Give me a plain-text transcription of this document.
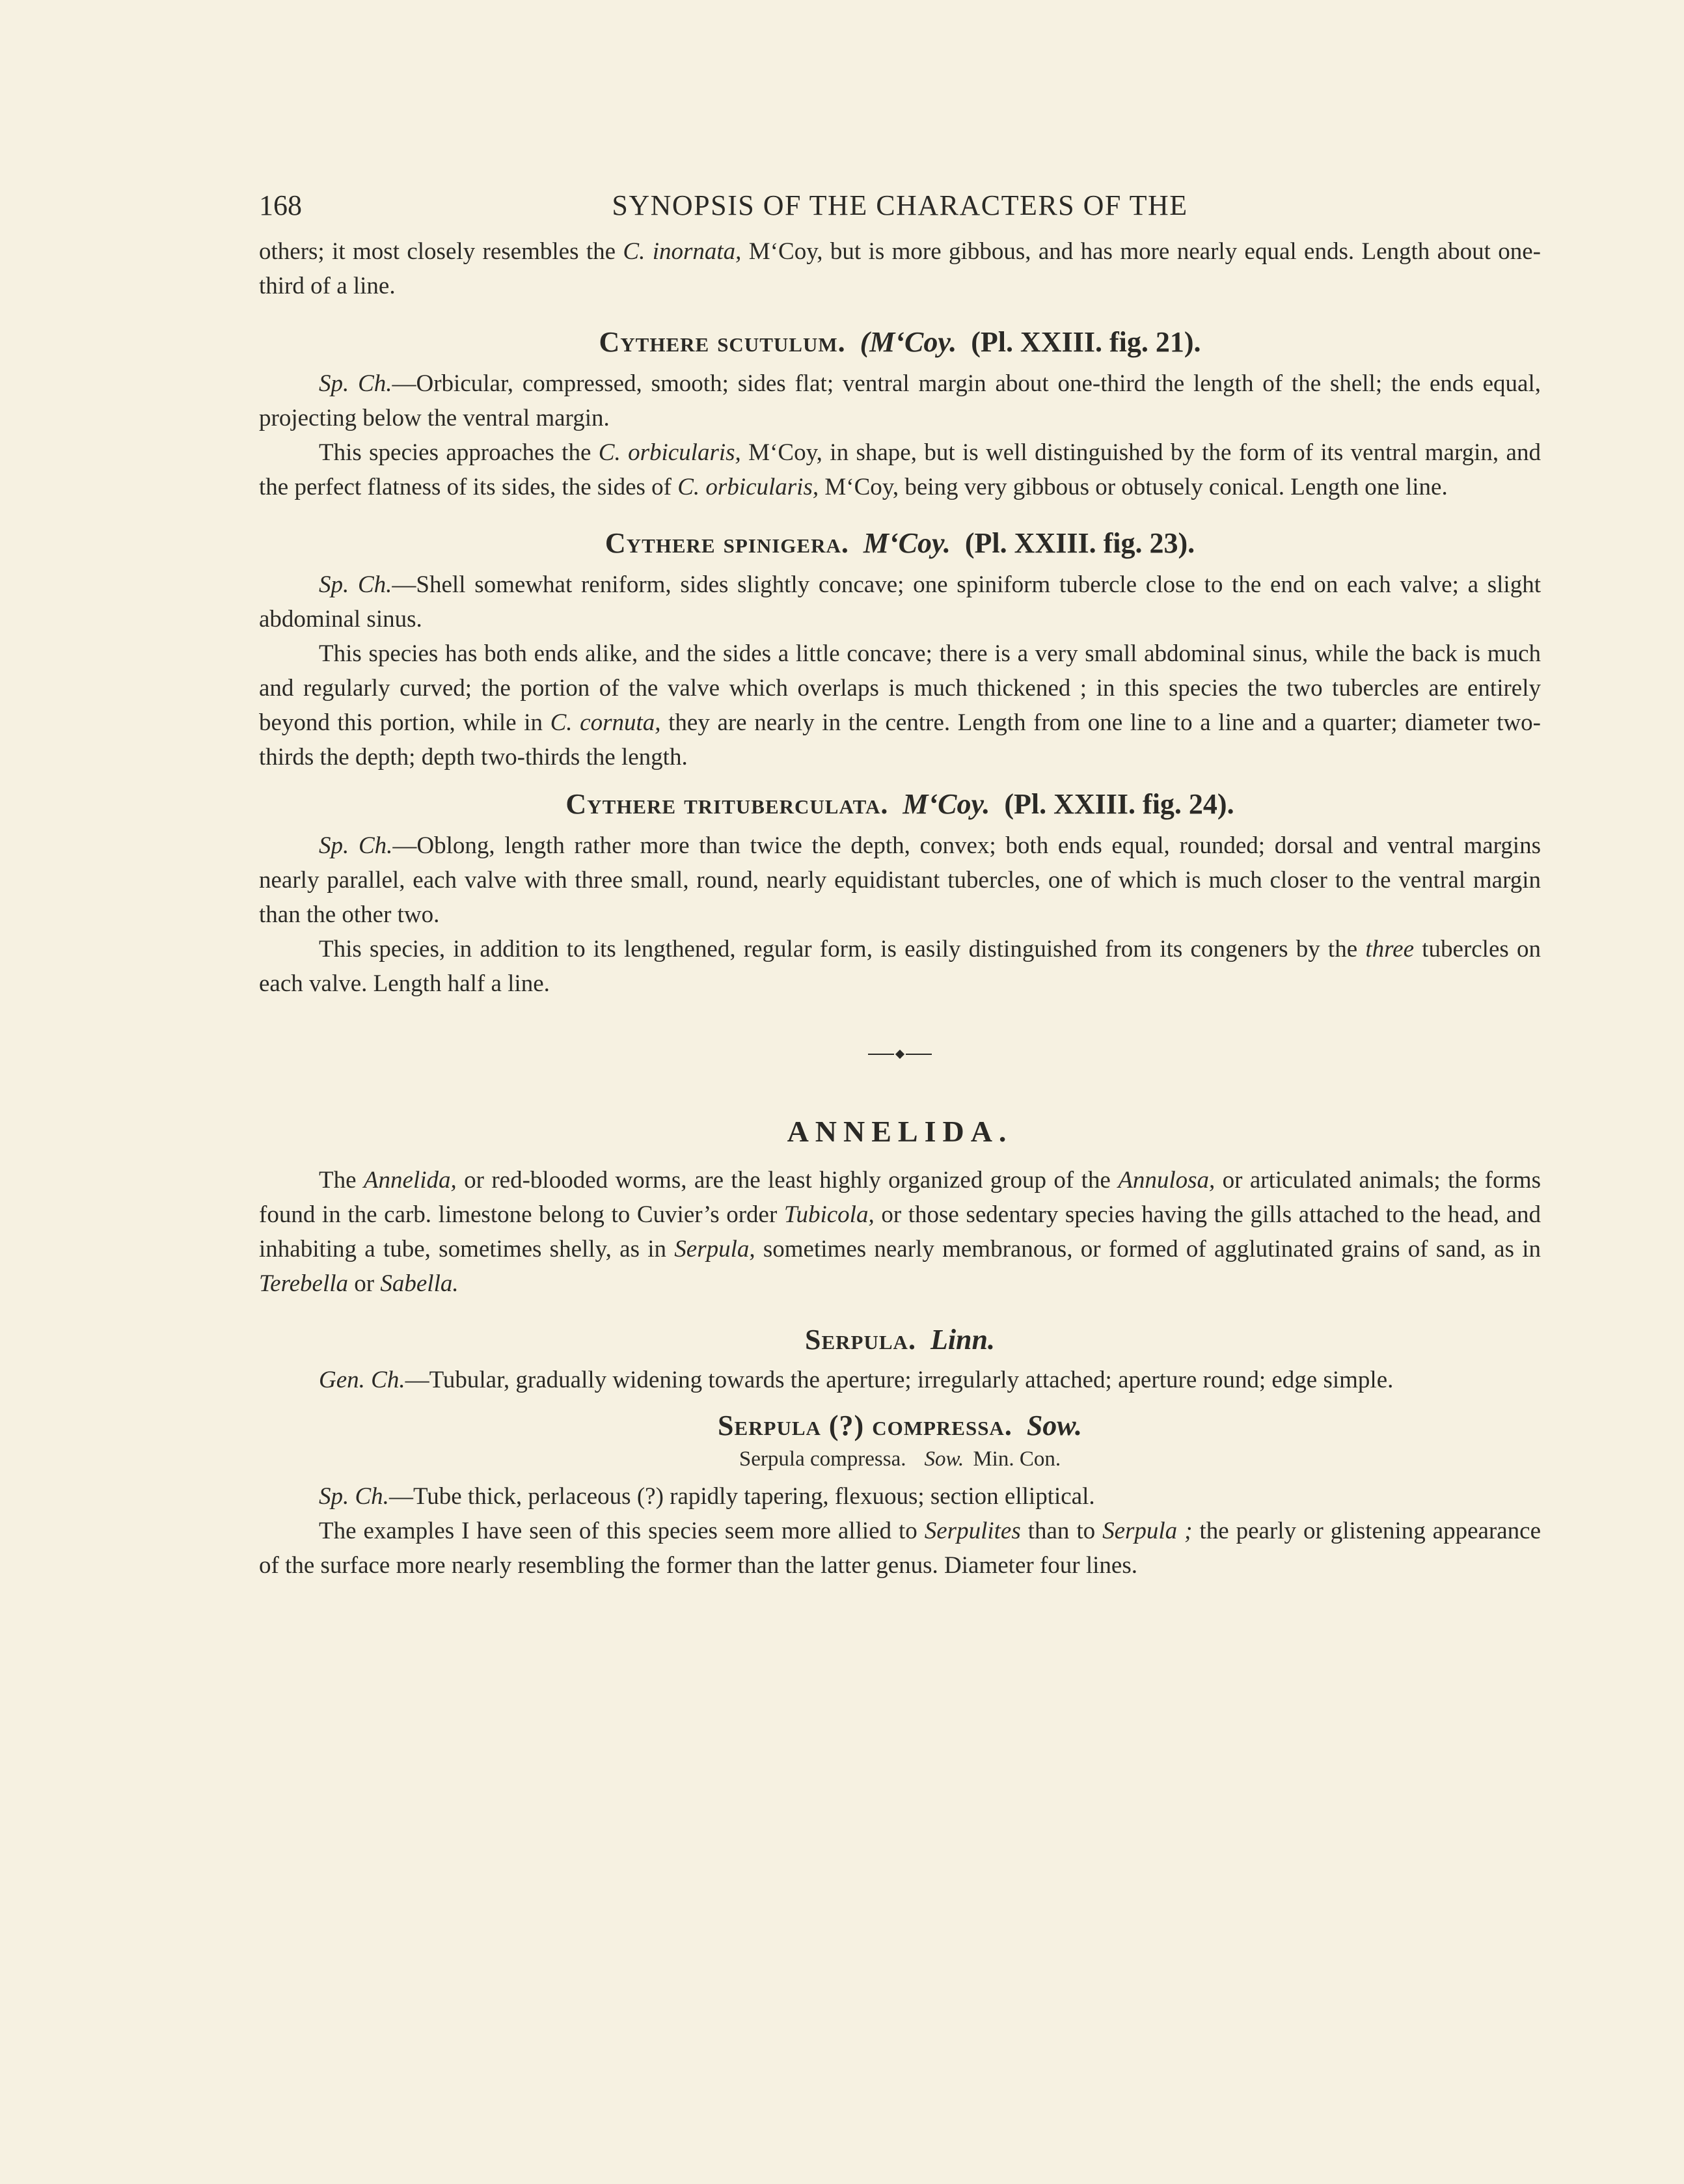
168	SYNOPSIS OF THE CHARACTERS OF THE

others; it most closely resembles the C. inornata, M‘Coy, but is more gibbous, and has more nearly equal ends. Length about one-third of a line.

Cythere scutulum. (M‘Coy. (Pl. XXIII. fig. 21).

Sp. Ch.—Orbicular, compressed, smooth; sides flat; ventral margin about one-third the length of the shell; the ends equal, projecting below the ventral margin.

This species approaches the C. orbicularis, M‘Coy, in shape, but is well distinguished by the form of its ventral margin, and the perfect flatness of its sides, the sides of C. orbicularis, M‘Coy, being very gibbous or obtusely conical. Length one line.

Cythere spinigera. M‘Coy. (Pl. XXIII. fig. 23).

Sp. Ch.—Shell somewhat reniform, sides slightly concave; one spiniform tubercle close to the end on each valve; a slight abdominal sinus.

This species has both ends alike, and the sides a little concave; there is a very small abdominal sinus, while the back is much and regularly curved; the portion of the valve which overlaps is much thickened ; in this species the two tubercles are entirely beyond this portion, while in C. cornuta, they are nearly in the centre. Length from one line to a line and a quarter; diameter two-thirds the depth; depth two-thirds the length.

Cythere trituberculata. M‘Coy. (Pl. XXIII. fig. 24).

Sp. Ch.—Oblong, length rather more than twice the depth, convex; both ends equal, rounded; dorsal and ventral margins nearly parallel, each valve with three small, round, nearly equidistant tubercles, one of which is much closer to the ventral margin than the other two.

This species, in addition to its lengthened, regular form, is easily distinguished from its congeners by the three tubercles on each valve. Length half a line.

ANNELIDA.

The Annelida, or red-blooded worms, are the least highly organized group of the Annulosa, or articulated animals; the forms found in the carb. limestone belong to Cuvier’s order Tubicola, or those sedentary species having the gills attached to the head, and inhabiting a tube, sometimes shelly, as in Serpula, sometimes nearly membranous, or formed of agglutinated grains of sand, as in Terebella or Sabella.

Serpula. Linn.

Gen. Ch.—Tubular, gradually widening towards the aperture; irregularly attached; aperture round; edge simple.

Serpula (?) compressa. Sow.
Serpula compressa. Sow. Min. Con.

Sp. Ch.—Tube thick, perlaceous (?) rapidly tapering, flexuous; section elliptical.

The examples I have seen of this species seem more allied to Serpulites than to Serpula ; the pearly or glistening appearance of the surface more nearly resembling the former than the latter genus. Diameter four lines.
